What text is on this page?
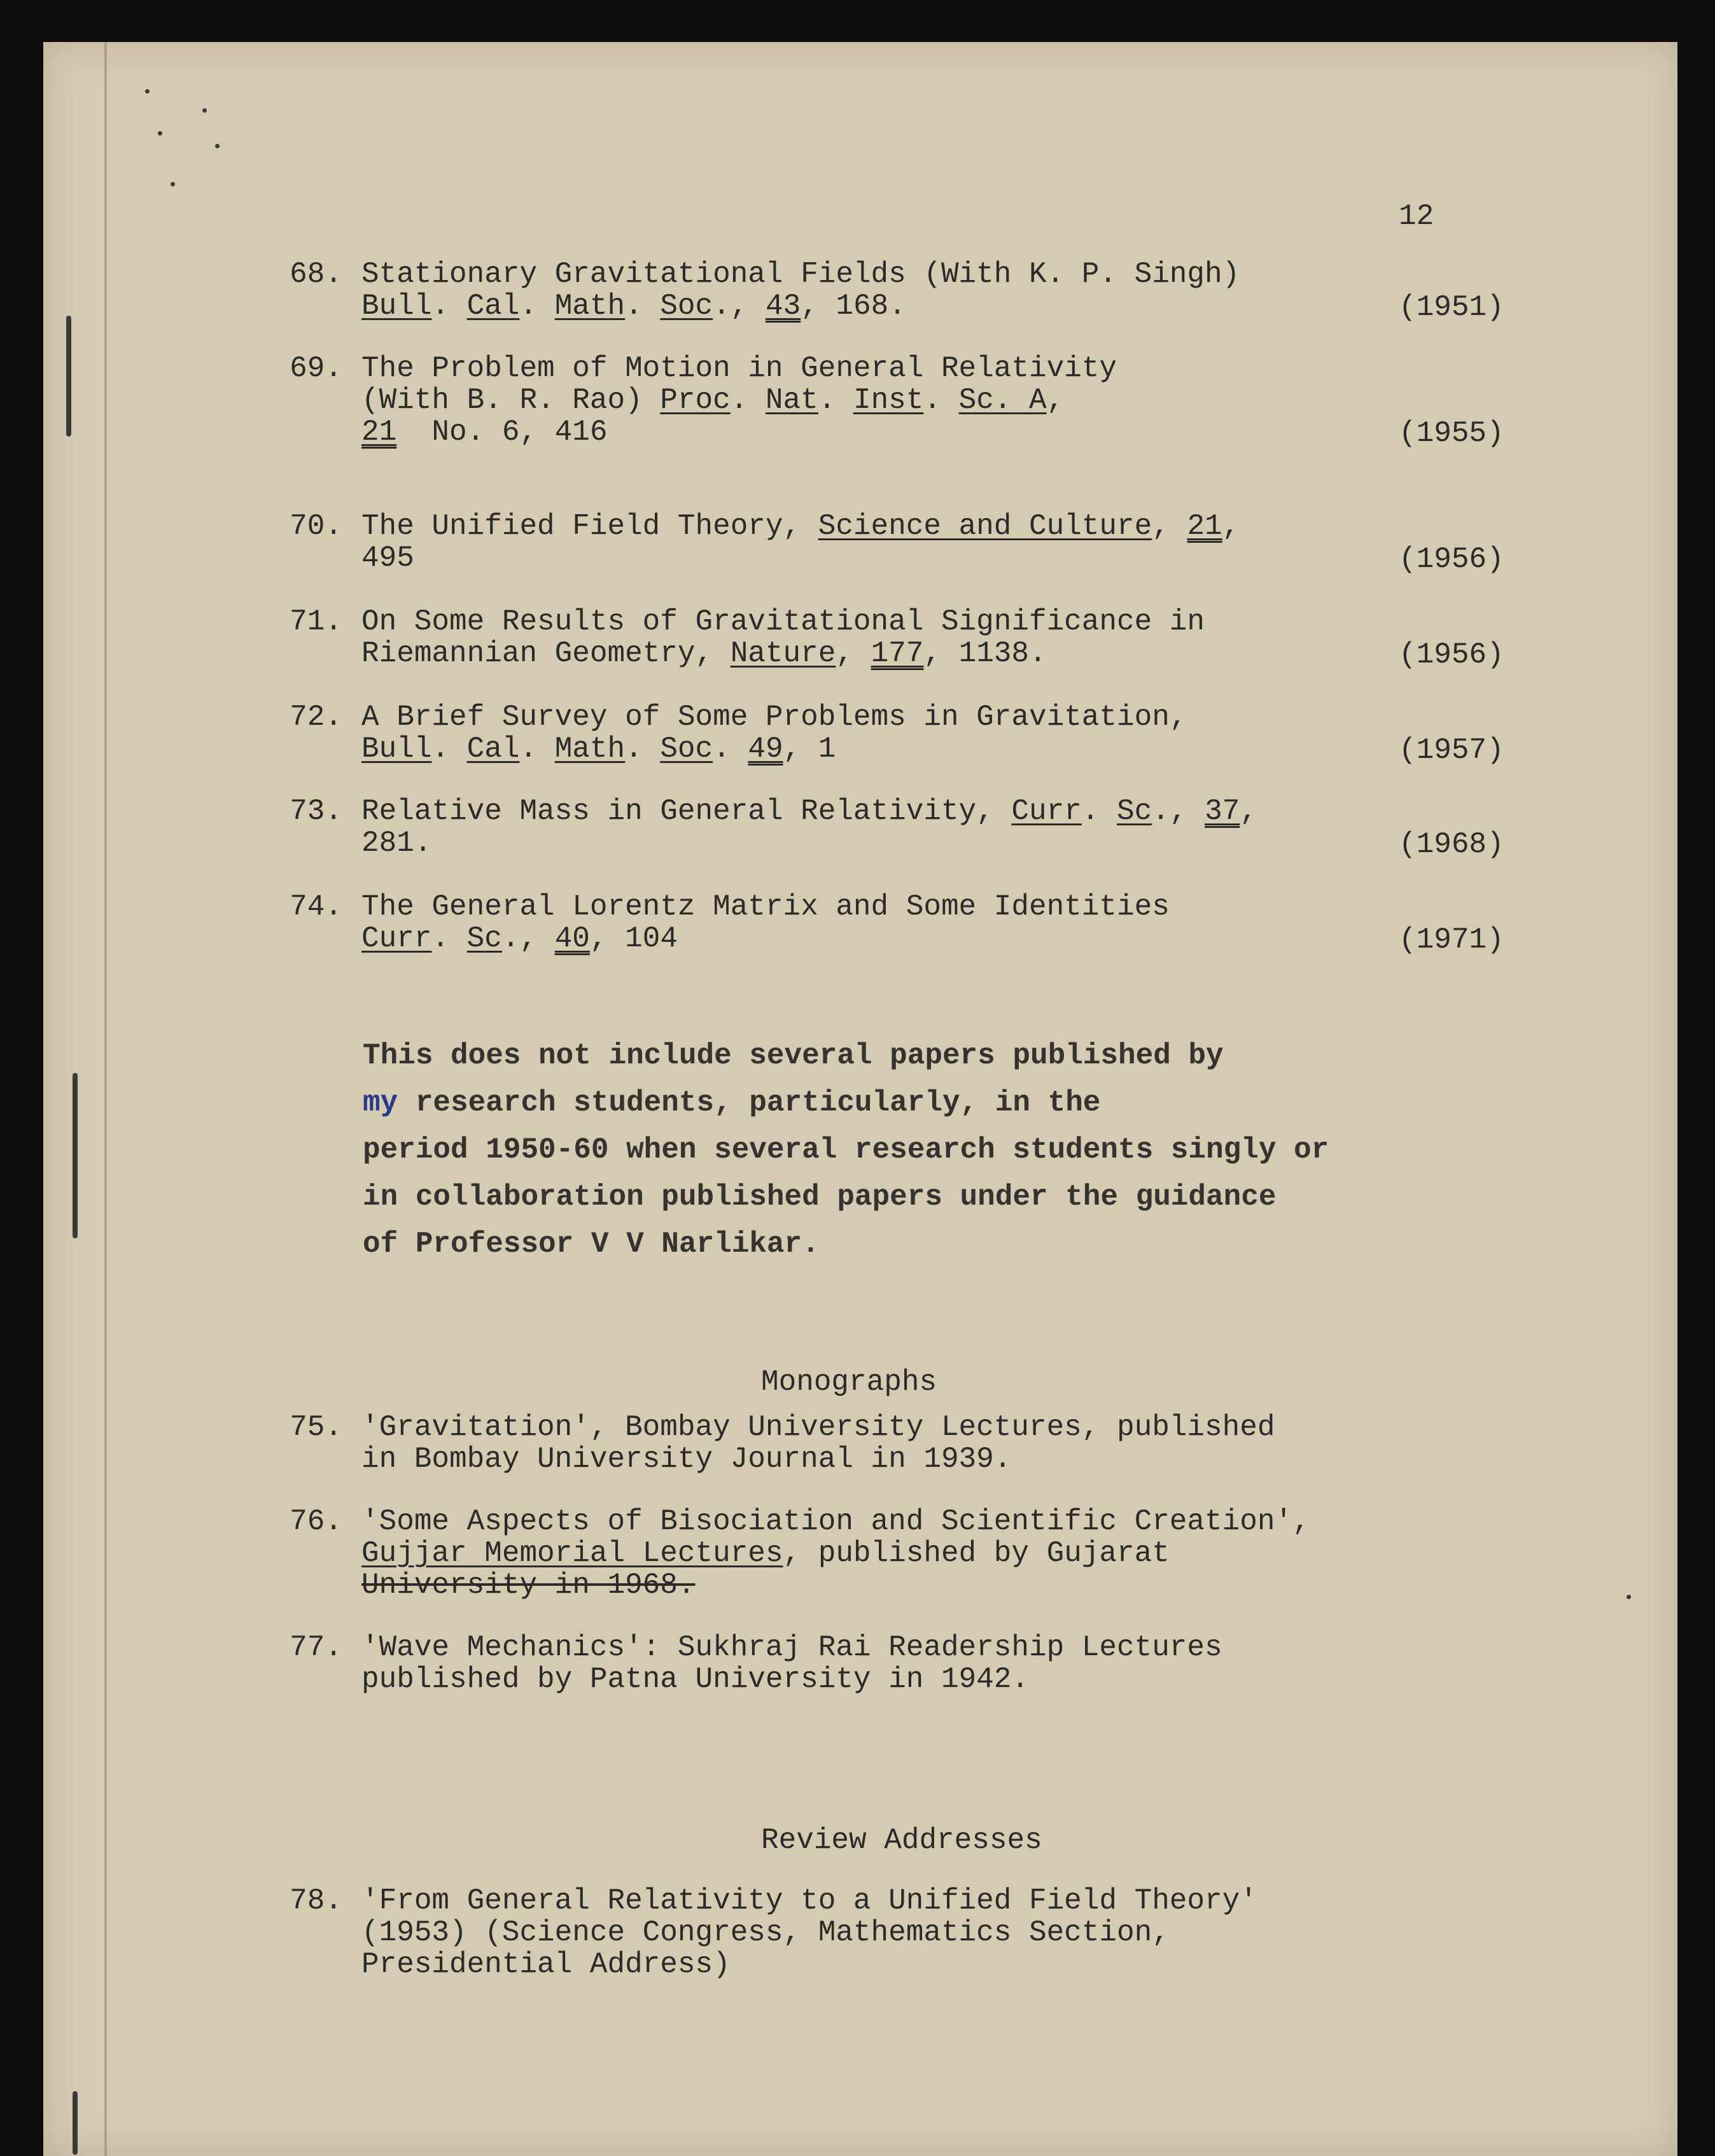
12
68. Stationary Gravitational Fields (With K. P. Singh)
Bull. Cal. Math. Soc., 43, 168.	(1951)
69. The Problem of Motion in General Relativity
(With B. R. Rao) Proc. Nat. Inst. Sc. A,
21  No. 6, 416	(1955)
70. The Unified Field Theory, Science and Culture, 21,
495	(1956)
71. On Some Results of Gravitational Significance in
Riemannian Geometry, Nature, 177, 1138.	(1956)
72. A Brief Survey of Some Problems in Gravitation,
Bull. Cal. Math. Soc. 49, 1	(1957)
73. Relative Mass in General Relativity, Curr. Sc., 37,
281.	(1968)
74. The General Lorentz Matrix and Some Identities
Curr. Sc., 40, 104	(1971)
This does not include several papers published by
my research students, particularly, in the
period 1950-60 when several research students singly or
in collaboration published papers under the guidance
of Professor V V Narlikar.
Monographs
75. 'Gravitation', Bombay University Lectures, published
in Bombay University Journal in 1939.
76. 'Some Aspects of Bisociation and Scientific Creation',
Gujjar Memorial Lectures, published by Gujarat
University in 1968.
77. 'Wave Mechanics': Sukhraj Rai Readership Lectures
published by Patna University in 1942.
Review Addresses
78. 'From General Relativity to a Unified Field Theory'
(1953) (Science Congress, Mathematics Section,
Presidential Address)
